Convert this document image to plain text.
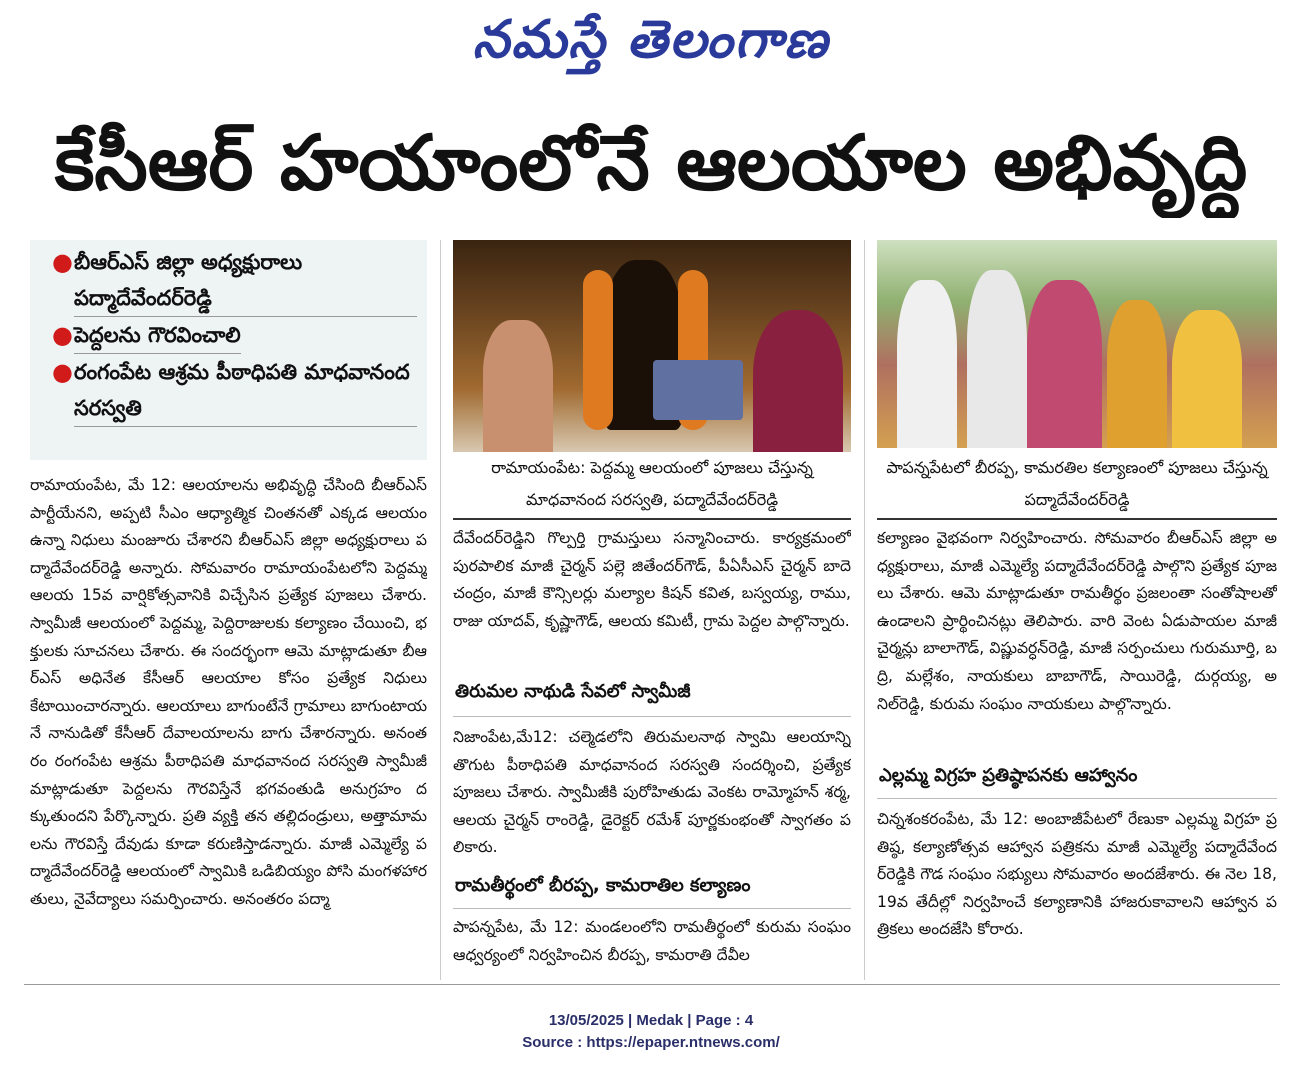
నమస్తే తెలంగాణ
కేసీఆర్ హయాంలోనే ఆలయాల అభివృద్ధి
● బీఆర్ఎస్ జిల్లా అధ్యక్షురాలు పద్మాదేవేందర్‌రెడ్డి
● పెద్దలను గౌరవించాలి
● రంగంపేట ఆశ్రమ పీఠాధిపతి మాధవానంద సరస్వతి
రామాయంపేట: పెద్దమ్మ ఆలయంలో పూజలు చేస్తున్న మాధవానంద సరస్వతి, పద్మాదేవేందర్‌రెడ్డి
పాపన్నపేటలో బీరప్ప, కామరతిల కల్యాణంలో పూజలు చేస్తున్న పద్మాదేవేందర్‌రెడ్డి
రామాయంపేట, మే 12: ఆలయాలను అభివృద్ధి చేసింది బీఆర్ఎస్ పార్టీయేనని, అప్పటి సీఎం ఆధ్యాత్మిక చింతనతో ఎక్కడ ఆలయం ఉన్నా నిధులు మంజూరు చేశారని బీఆర్ఎస్ జిల్లా అధ్యక్షురాలు పద్మాదేవేందర్‌రెడ్డి అన్నారు. సోమవారం రామాయంపేటలోని పెద్దమ్మ ఆలయ 15వ వార్షికోత్సవానికి విచ్చేసిన ప్రత్యేక పూజలు చేశారు. స్వామీజీ ఆలయంలో పెద్దమ్మ, పెద్దిరాజులకు కల్యాణం చేయించి, భక్తులకు సూచనలు చేశారు. ఈ సందర్భంగా ఆమె మాట్లాడుతూ బీఆర్ఎస్ అధినేత కేసీఆర్ ఆలయాల కోసం ప్రత్యేక నిధులు కేటాయించారన్నారు. ఆలయాలు బాగుంటేనే గ్రామాలు బాగుంటాయనే నానుడితో కేసీఆర్ దేవాలయాలను బాగు చేశారన్నారు. అనంతరం రంగంపేట ఆశ్రమ పీఠాధిపతి మాధవానంద సరస్వతి స్వామీజీ మాట్లాడుతూ పెద్దలను గౌరవిస్తేనే భగవంతుడి అనుగ్రహం దక్కుతుందని పేర్కొన్నారు. ప్రతి వ్యక్తి తన తల్లిదండ్రులు, అత్తామామలను గౌరవిస్తే దేవుడు కూడా కరుణిస్తాడన్నారు. మాజీ ఎమ్మెల్యే పద్మాదేవేందర్‌రెడ్డి ఆలయంలో స్వామికి ఒడిబియ్యం పోసి మంగళహారతులు, నైవేద్యాలు సమర్పించారు. అనంతరం పద్మా
దేవేందర్‌రెడ్డిని గొల్పర్తి గ్రామస్తులు సన్మానించారు. కార్యక్రమంలో పురపాలిక మాజీ చైర్మన్ పల్లె జితేందర్‌గౌడ్, పీఏసీఎస్ చైర్మన్ బాదె చంద్రం, మాజీ కౌన్సిలర్లు మల్యాల కిషన్ కవిత, బస్వయ్య, రాము, రాజు యాదవ్, కృష్ణాగౌడ్, ఆలయ కమిటీ, గ్రామ పెద్దల పాల్గొన్నారు.
తిరుమల నాథుడి సేవలో స్వామీజీ
నిజాంపేట,మే12: చల్మెడలోని తిరుమలనాథ స్వామి ఆలయాన్ని తొగుట పీఠాధిపతి మాధవానంద సరస్వతి సందర్శించి, ప్రత్యేక పూజలు చేశారు. స్వామీజీకి పురోహితుడు వెంకట రామ్మోహన్ శర్మ, ఆలయ చైర్మన్ రాంరెడ్డి, డైరెక్టర్ రమేశ్ పూర్ణకుంభంతో స్వాగతం పలికారు.
రామతీర్థంలో బీరప్ప, కామరాతిల కల్యాణం
పాపన్నపేట, మే 12: మండలంలోని రామతీర్థంలో కురుమ సంఘం ఆధ్వర్యంలో నిర్వహించిన బీరప్ప, కామరాతి దేవీల
కల్యాణం వైభవంగా నిర్వహించారు. సోమవారం బీఆర్ఎస్ జిల్లా అధ్యక్షురాలు, మాజీ ఎమ్మెల్యే పద్మాదేవేందర్‌రెడ్డి పాల్గొని ప్రత్యేక పూజలు చేశారు. ఆమె మాట్లాడుతూ రామతీర్థం ప్రజలంతా సంతోషాలతో ఉండాలని ప్రార్థించినట్లు తెలిపారు. వారి వెంట ఏడుపాయల మాజీ చైర్మన్లు బాలాగౌడ్, విష్ణువర్ధన్‌రెడ్డి, మాజీ సర్పంచులు గురుమూర్తి, బద్రి, మల్లేశం, నాయకులు బాబాగౌడ్, సాయిరెడ్డి, దుర్గయ్య, అనిల్‌రెడ్డి, కురుమ సంఘం నాయకులు పాల్గొన్నారు.
ఎల్లమ్మ విగ్రహ ప్రతిష్ఠాపనకు ఆహ్వానం
చిన్నశంకరంపేట, మే 12: అంబాజీపేటలో రేణుకా ఎల్లమ్మ విగ్రహ ప్రతిష్ఠ, కల్యాణోత్సవ ఆహ్వాన పత్రికను మాజీ ఎమ్మెల్యే పద్మాదేవేందర్‌రెడ్డికి గౌడ సంఘం సభ్యులు సోమవారం అందజేశారు. ఈ నెల 18, 19వ తేదీల్లో నిర్వహించే కల్యాణానికి హాజరుకావాలని ఆహ్వాన పత్రికలు అందజేసి కోరారు.
13/05/2025 | Medak | Page : 4
Source : https://epaper.ntnews.com/
